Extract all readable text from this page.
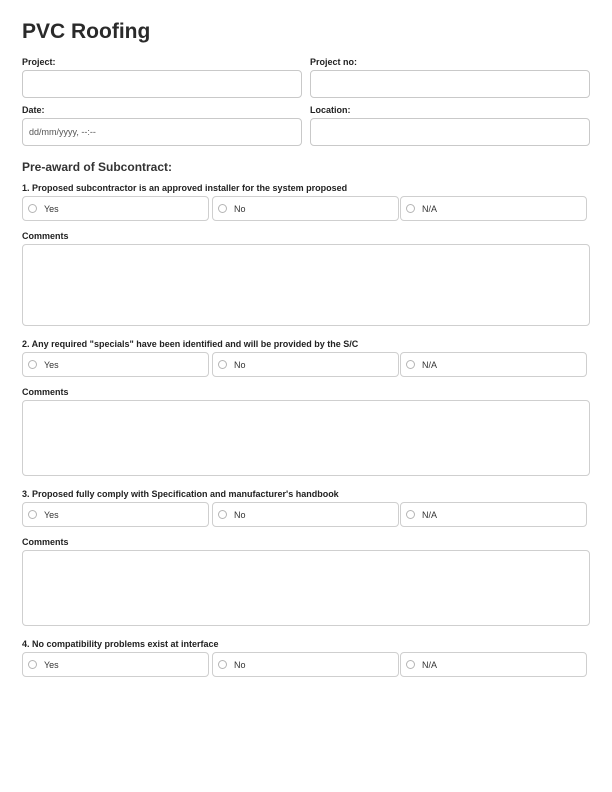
PVC Roofing
Project:	Project no:
Date:
dd/mm/yyyy, --:--
Location:
Pre-award of Subcontract:
1. Proposed subcontractor is an approved installer for the system proposed
Yes	No	N/A
Comments
2. Any required "specials" have been identified and will be provided by the S/C
Yes	No	N/A
Comments
3. Proposed fully comply with Specification and manufacturer's handbook
Yes	No	N/A
Comments
4. No compatibility problems exist at interface
Yes	No	N/A
